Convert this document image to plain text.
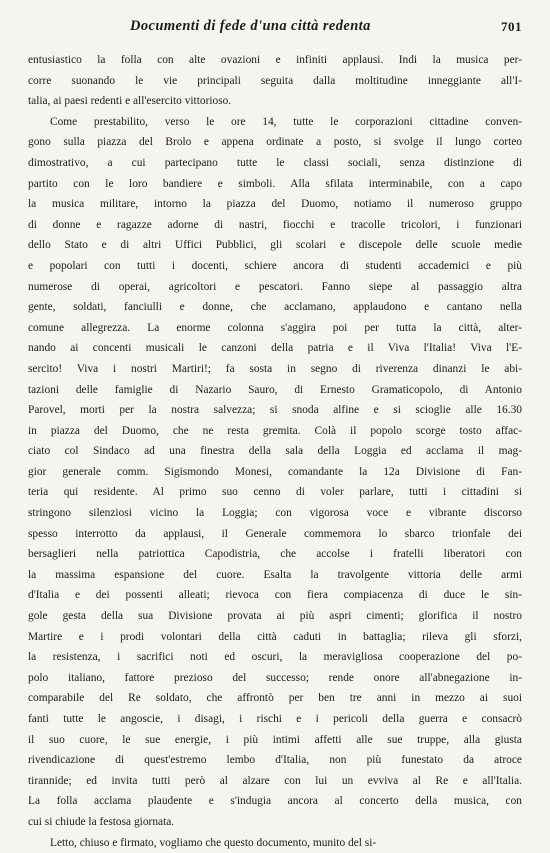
Documenti di fede d'una città redenta	701
entusiastico la folla con alte ovazioni e infiniti applausi. Indi la musica per-
corre suonando le vie principali seguita dalla moltitudine inneggiante all'I-
talia, ai paesi redenti e all'esercito vittorioso.
Come prestabilito, verso le ore 14, tutte le corporazioni cittadine conven-
gono sulla piazza del Brolo e appena ordinate a posto, si svolge il lungo corteo
dimostrativo, a cui partecipano tutte le classi sociali, senza distinzione di
partito con le loro bandiere e simboli. Alla sfilata interminabile, con a capo
la musica militare, intorno la piazza del Duomo, notiamo il numeroso gruppo
di donne e ragazze adorne di nastri, fiocchi e tracolle tricolori, i funzionari
dello Stato e di altri Uffici Pubblici, gli scolari e discepole delle scuole medie
e popolari con tutti i docenti, schiere ancora di studenti accademici e più
numerose di operai, agricoltori e pescatori. Fanno siepe al passaggio altra
gente, soldati, fanciulli e donne, che acclamano, applaudono e cantano nella
comune allegrezza. La enorme colonna s'aggira poi per tutta la città, alter-
nando ai concenti musicali le canzoni della patria e il Viva l'Italia! Viva l'E-
sercito! Viva i nostri Martiri!; fa sosta in segno di riverenza dinanzi le abi-
tazioni delle famiglie di Nazario Sauro, di Ernesto Gramaticopolo, di Antonio
Parovel, morti per la nostra salvezza; si snoda alfine e si scioglie alle 16.30
in piazza del Duomo, che ne resta gremita. Colà il popolo scorge tosto affac-
ciato col Sindaco ad una finestra della sala della Loggia ed acclama il mag-
gior generale comm. Sigismondo Monesi, comandante la 12a Divisione di Fan-
teria qui residente. Al primo suo cenno di voler parlare, tutti i cittadini si
stringono silenziosi vicino la Loggia; con vigorosa voce e vibrante discorso
spesso interrotto da applausi, il Generale commemora lo sbarco trionfale dei
bersaglieri nella patriottica Capodistria, che accolse i fratelli liberatori con
la massima espansione del cuore. Esalta la travolgente vittoria delle armi
d'Italia e dei possenti alleati; rievoca con fiera compiacenza di duce le sin-
gole gesta della sua Divisione provata ai più aspri cimenti; glorifica il nostro
Martire e i prodi volontari della città caduti in battaglia; rileva gli sforzi,
la resistenza, i sacrifici noti ed oscuri, la meravigliosa cooperazione del po-
polo italiano, fattore prezioso del successo; rende onore all'abnegazione in-
comparabile del Re soldato, che affrontò per ben tre anni in mezzo ai suoi
fanti tutte le angoscie, i disagi, i rischi e i pericoli della guerra e consacrò
il suo cuore, le sue energie, i più intimi affetti alle sue truppe, alla giusta
rivendicazione di quest'estremo lembo d'Italia, non più funestato da atroce
tirannide; ed invita tutti però al alzare con lui un evviva al Re e all'Italia.
La folla acclama plaudente e s'indugia ancora al concerto della musica, con
cui si chiude la festosa giornata.
Letto, chiuso e firmato, vogliamo che questo documento, munito del si-
